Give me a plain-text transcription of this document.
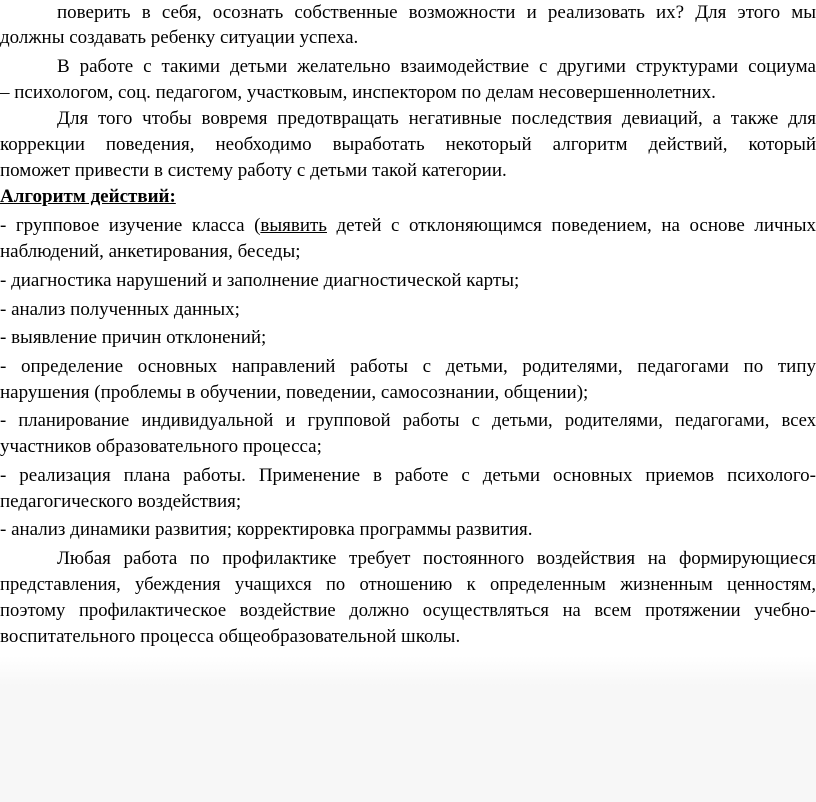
поверить в себя, осознать собственные возможности и реализовать их? Для этого мы
должны создавать ребенку ситуации успеха.
В работе с такими детьми желательно взаимодействие с другими структурами социума
– психологом, соц. педагогом, участковым, инспектором по делам несовершеннолетних.
Для того чтобы вовремя предотвращать негативные последствия девиаций, а также для
коррекции поведения, необходимо выработать некоторый алгоритм действий, который
поможет привести в систему работу с детьми такой категории.
Алгоритм действий:
- групповое изучение класса (выявить детей с отклоняющимся поведением, на основе личных
наблюдений, анкетирования, беседы;
- диагностика нарушений и заполнение диагностической карты;
- анализ полученных данных;
- выявление причин отклонений;
- определение основных направлений работы с детьми, родителями, педагогами по типу
нарушения (проблемы в обучении, поведении, самосознании, общении);
- планирование индивидуальной и групповой работы с детьми, родителями, педагогами, всех
участников образовательного процесса;
- реализация плана работы. Применение в работе с детьми основных приемов психолого-
педагогического воздействия;
- анализ динамики развития; корректировка программы развития.
Любая работа по профилактике требует постоянного воздействия на формирующиеся
представления, убеждения учащихся по отношению к определенным жизненным ценностям,
поэтому профилактическое воздействие должно осуществляться на всем протяжении учебно-
воспитательного процесса общеобразовательной школы.
